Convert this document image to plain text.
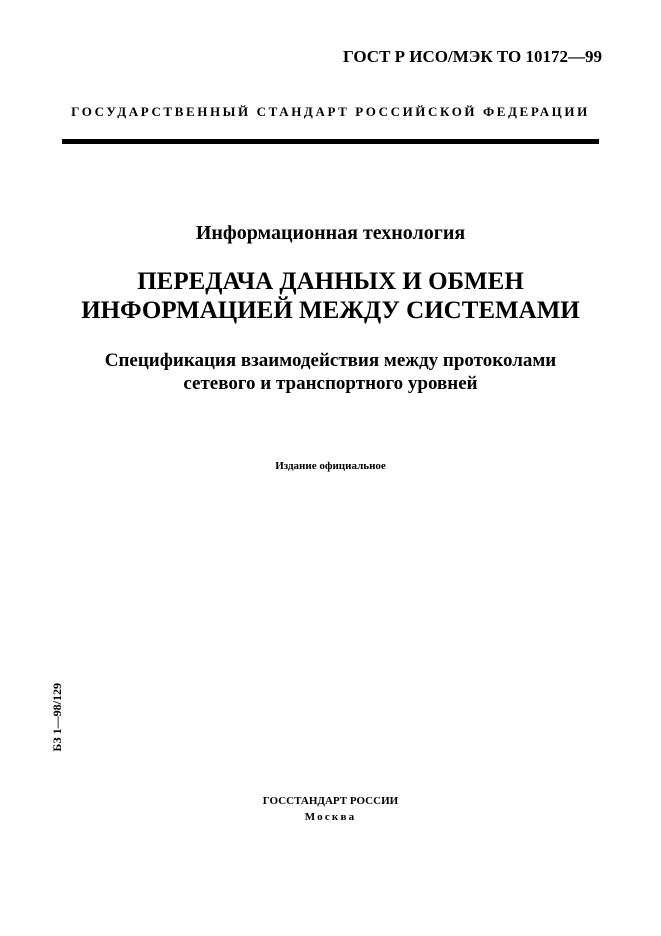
ГОСТ Р ИСО/МЭК ТО 10172—99
ГОСУДАРСТВЕННЫЙ СТАНДАРТ РОССИЙСКОЙ ФЕДЕРАЦИИ
Информационная технология
ПЕРЕДАЧА ДАННЫХ И ОБМЕН
ИНФОРМАЦИЕЙ МЕЖДУ СИСТЕМАМИ
Спецификация взаимодействия между протоколами
сетевого и транспортного уровней
Издание официальное
БЗ 1—98/129
ГОССТАНДАРТ РОССИИ
Москва
